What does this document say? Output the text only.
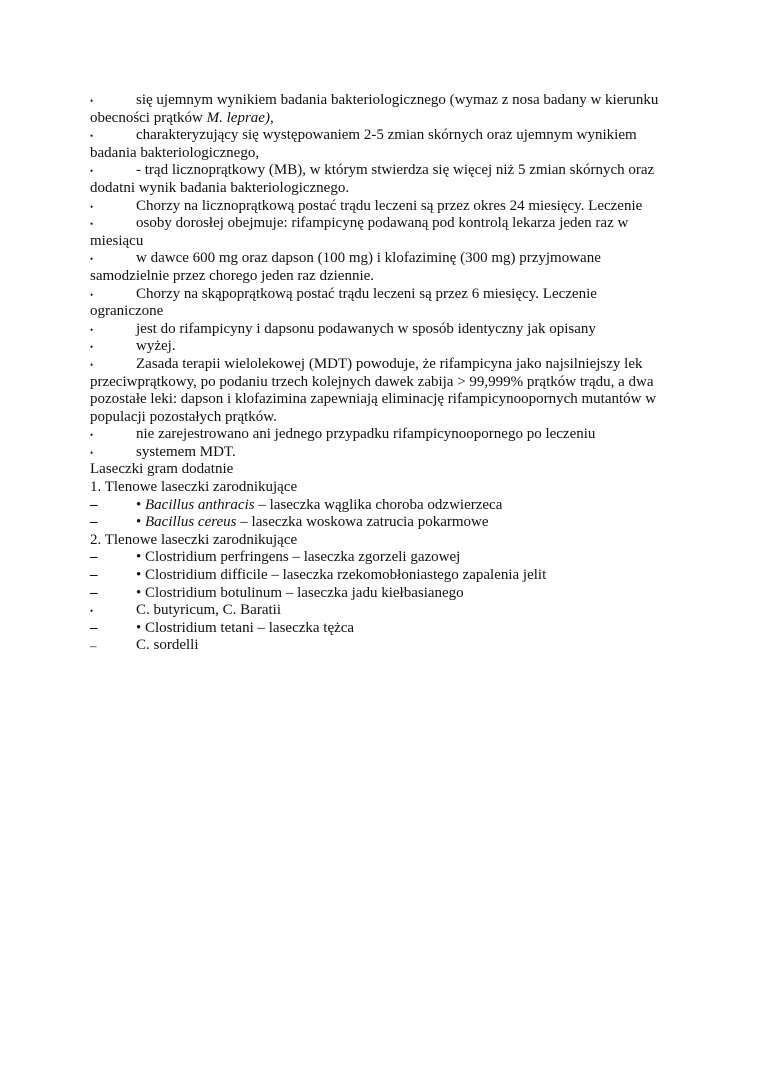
•	się ujemnym wynikiem badania bakteriologicznego (wymaz z nosa badany w kierunku obecności prątków M. leprae),
•	charakteryzujący się występowaniem 2-5 zmian skórnych oraz ujemnym wynikiem badania bakteriologicznego,
•	- trąd licznoprątkowy (MB), w którym stwierdza się więcej niż 5 zmian skórnych oraz dodatni wynik badania bakteriologicznego.
•	Chorzy na licznoprątkową postać trądu leczeni są przez okres 24 miesięcy. Leczenie
•	osoby dorosłej obejmuje: rifampicynę podawaną pod kontrolą lekarza jeden raz w miesiącu
•	w dawce 600 mg oraz dapson (100 mg) i klofaziminę (300 mg) przyjmowane samodzielnie przez chorego jeden raz dziennie.
•	Chorzy na skąpoprątkową postać trądu leczeni są przez 6 miesięcy. Leczenie ograniczone
•	jest do rifampicyny i dapsonu podawanych w sposób identyczny jak opisany
•	wyżej.
•	Zasada terapii wielolekowej (MDT) powoduje, że rifampicyna jako najsilniejszy lek przeciwprątkowy, po podaniu trzech kolejnych dawek zabija > 99,999% prątków trądu, a dwa pozostałe leki: dapson i klofazimina zapewniają eliminację rifampicynoopornych mutantów w populacji pozostałych prątków.
•	nie zarejestrowano ani jednego przypadku rifampicynoopornego po leczeniu
•	systemem MDT.
Laseczki gram dodatnie
1. Tlenowe laseczki zarodnikujące
–	• Bacillus anthracis – laseczka wąglika choroba odzwierzeca
–	• Bacillus cereus – laseczka woskowa zatrucia pokarmowe
2. Tlenowe laseczki zarodnikujące
–	• Clostridium perfringens – laseczka zgorzeli gazowej
–	• Clostridium difficile – laseczka rzekomobłoniastego zapalenia jelit
–	• Clostridium botulinum – laseczka jadu kiełbasianego
•	C. butyricum, C. Baratii
–	• Clostridium tetani – laseczka tężca
–	C. sordelli
